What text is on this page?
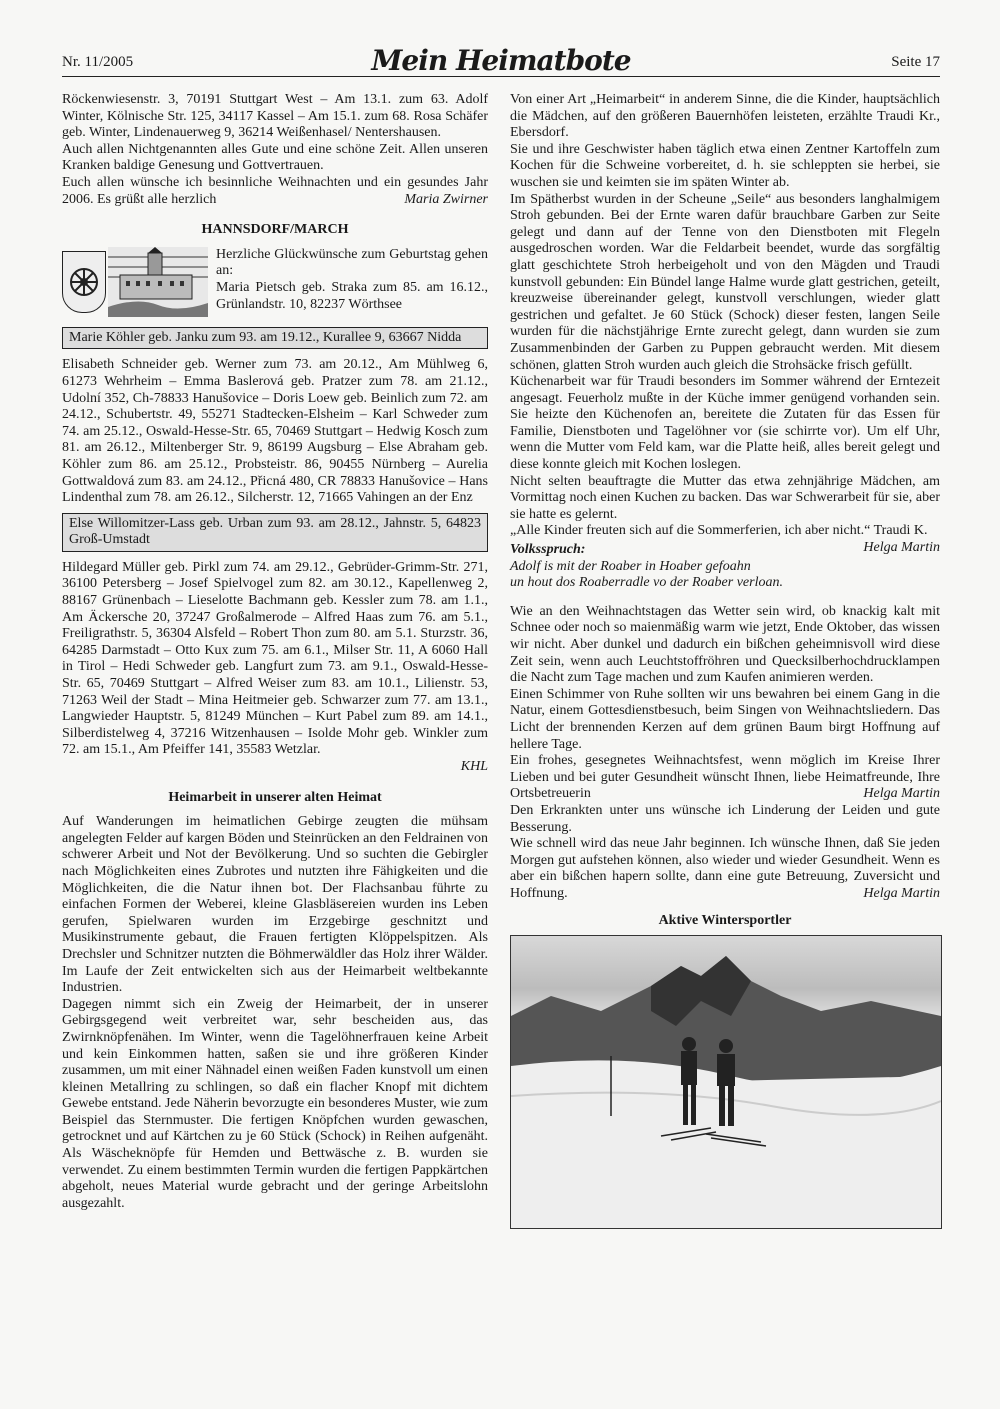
Nr. 11/2005	Mein Heimatbote	Seite 17

Röckenwiesenstr. 3, 70191 Stuttgart West – Am 13.1. zum 63. Adolf Winter, Kölnische Str. 125, 34117 Kassel – Am 15.1. zum 68. Rosa Schäfer geb. Winter, Lindenauerweg 9, 36214 Weißenhasel/ Nentershausen.

Auch allen Nichtgenannten alles Gute und eine schöne Zeit. Allen unseren Kranken baldige Genesung und Gottvertrauen.

Euch allen wünsche ich besinnliche Weihnachten und ein gesundes Jahr 2006. Es grüßt alle herzlich	Maria Zwirner

HANNSDORF/MARCH

Herzliche Glückwünsche zum Geburtstag gehen an:

Maria Pietsch geb. Straka zum 85. am 16.12., Grünlandstr. 10, 82237 Wörthsee

Marie Köhler geb. Janku zum 93. am 19.12., Kurallee 9, 63667 Nidda

Elisabeth Schneider geb. Werner zum 73. am 20.12., Am Mühlweg 6, 61273 Wehrheim – Emma Baslerová geb. Pratzer zum 78. am 21.12., Udolní 352, Ch-78833 Hanušovice – Doris Loew geb. Beinlich zum 72. am 24.12., Schubertstr. 49, 55271 Stadtecken-Elsheim – Karl Schweder zum 74. am 25.12., Oswald-Hesse-Str. 65, 70469 Stuttgart – Hedwig Kosch zum 81. am 26.12., Miltenberger Str. 9, 86199 Augsburg – Else Abraham geb. Köhler zum 86. am 25.12., Probsteistr. 86, 90455 Nürnberg – Aurelia Gottwaldová zum 83. am 24.12., Přicná 480, CR 78833 Hanušovice – Hans Lindenthal zum 78. am 26.12., Silcherstr. 12, 71665 Vahingen an der Enz

Else Willomitzer-Lass geb. Urban zum 93. am 28.12., Jahnstr. 5, 64823 Groß-Umstadt

Hildegard Müller geb. Pirkl zum 74. am 29.12., Gebrüder-Grimm-Str. 271, 36100 Petersberg – Josef Spielvogel zum 82. am 30.12., Kapellenweg 2, 88167 Grünenbach – Lieselotte Bachmann geb. Kessler zum 78. am 1.1., Am Äckersche 20, 37247 Großalmerode – Alfred Haas zum 76. am 5.1., Freiligrathstr. 5, 36304 Alsfeld – Robert Thon zum 80. am 5.1. Sturzstr. 36, 64285 Darmstadt – Otto Kux zum 75. am 6.1., Milser Str. 11, A 6060 Hall in Tirol – Hedi Schweder geb. Langfurt zum 73. am 9.1., Oswald-Hesse-Str. 65, 70469 Stuttgart – Alfred Weiser zum 83. am 10.1., Lilienstr. 53, 71263 Weil der Stadt – Mina Heitmeier geb. Schwarzer zum 77. am 13.1., Langwieder Hauptstr. 5, 81249 München – Kurt Pabel zum 89. am 14.1., Silberdistelweg 4, 37216 Witzenhausen – Isolde Mohr geb. Winkler zum 72. am 15.1., Am Pfeiffer 141, 35583 Wetzlar.

KHL

Heimarbeit in unserer alten Heimat

Auf Wanderungen im heimatlichen Gebirge zeugten die mühsam angelegten Felder auf kargen Böden und Steinrücken an den Feldrainen von schwerer Arbeit und Not der Bevölkerung. Und so suchten die Gebirgler nach Möglichkeiten eines Zubrotes und nutzten ihre Fähigkeiten und die Möglichkeiten, die die Natur ihnen bot. Der Flachsanbau führte zu einfachen Formen der Weberei, kleine Glasbläsereien wurden ins Leben gerufen, Spielwaren wurden im Erzgebirge geschnitzt und Musikinstrumente gebaut, die Frauen fertigten Klöppelspitzen. Als Drechsler und Schnitzer nutzten die Böhmerwäldler das Holz ihrer Wälder. Im Laufe der Zeit entwickelten sich aus der Heimarbeit weltbekannte Industrien.

Dagegen nimmt sich ein Zweig der Heimarbeit, der in unserer Gebirgsgegend weit verbreitet war, sehr bescheiden aus, das Zwirnknöpfenähen. Im Winter, wenn die Tagelöhnerfrauen keine Arbeit und kein Einkommen hatten, saßen sie und ihre größeren Kinder zusammen, um mit einer Nähnadel einen weißen Faden kunstvoll um einen kleinen Metallring zu schlingen, so daß ein flacher Knopf mit dichtem Gewebe entstand. Jede Näherin bevorzugte ein besonderes Muster, wie zum Beispiel das Sternmuster. Die fertigen Knöpfchen wurden gewaschen, getrocknet und auf Kärtchen zu je 60 Stück (Schock) in Reihen aufgenäht. Als Wäscheknöpfe für Hemden und Bettwäsche z. B. wurden sie verwendet. Zu einem bestimmten Termin wurden die fertigen Pappkärtchen abgeholt, neues Material wurde gebracht und der geringe Arbeitslohn ausgezahlt.

Von einer Art „Heimarbeit“ in anderem Sinne, die die Kinder, hauptsächlich die Mädchen, auf den größeren Bauernhöfen leisteten, erzählte Traudi Kr., Ebersdorf.

Sie und ihre Geschwister haben täglich etwa einen Zentner Kartoffeln zum Kochen für die Schweine vorbereitet, d. h. sie schleppten sie herbei, sie wuschen sie und keimten sie im späten Winter ab.

Im Spätherbst wurden in der Scheune „Seile“ aus besonders langhalmigem Stroh gebunden. Bei der Ernte waren dafür brauchbare Garben zur Seite gelegt und dann auf der Tenne von den Dienstboten mit Flegeln ausgedroschen worden. War die Feldarbeit beendet, wurde das sorgfältig glatt geschichtete Stroh herbeigeholt und von den Mägden und Traudi kunstvoll gebunden: Ein Bündel lange Halme wurde glatt gestrichen, geteilt, kreuzweise übereinander gelegt, kunstvoll verschlungen, wieder glatt gestrichen und gefaltet. Je 60 Stück (Schock) dieser festen, langen Seile wurden für die nächstjährige Ernte zurecht gelegt, dann wurden sie zum Zusammenbinden der Garben zu Puppen gebraucht werden. Mit diesem schönen, glatten Stroh wurden auch gleich die Strohsäcke frisch gefüllt.

Küchenarbeit war für Traudi besonders im Sommer während der Erntezeit angesagt. Feuerholz mußte in der Küche immer genügend vorhanden sein. Sie heizte den Küchenofen an, bereitete die Zutaten für das Essen für Familie, Dienstboten und Tagelöhner vor (sie schirrte vor). Um elf Uhr, wenn die Mutter vom Feld kam, war die Platte heiß, alles bereit gelegt und diese konnte gleich mit Kochen loslegen.

Nicht selten beauftragte die Mutter das etwa zehnjährige Mädchen, am Vormittag noch einen Kuchen zu backen. Das war Schwerarbeit für sie, aber sie hatte es gelernt.

„Alle Kinder freuten sich auf die Sommerferien, ich aber nicht.“ Traudi K.
Helga Martin

Volksspruch:

Adolf is mit der Roaber in Hoaber gefoahn

un hout dos Roaberradle vo der Roaber verloan.

Wie an den Weihnachtstagen das Wetter sein wird, ob knackig kalt mit Schnee oder noch so maienmäßig warm wie jetzt, Ende Oktober, das wissen wir nicht. Aber dunkel und dadurch ein bißchen geheimnisvoll wird diese Zeit sein, wenn auch Leuchtstoffröhren und Quecksilberhochdrucklampen die Nacht zum Tage machen und zum Kaufen animieren werden.

Einen Schimmer von Ruhe sollten wir uns bewahren bei einem Gang in die Natur, einem Gottesdienstbesuch, beim Singen von Weihnachtsliedern. Das Licht der brennenden Kerzen auf dem grünen Baum birgt Hoffnung auf hellere Tage.

Ein frohes, gesegnetes Weihnachtsfest, wenn möglich im Kreise Ihrer Lieben und bei guter Gesundheit wünscht Ihnen, liebe Heimatfreunde, Ihre Ortsbetreuerin	Helga Martin

Den Erkrankten unter uns wünsche ich Linderung der Leiden und gute Besserung.

Wie schnell wird das neue Jahr beginnen. Ich wünsche Ihnen, daß Sie jeden Morgen gut aufstehen können, also wieder und wieder Gesundheit. Wenn es aber ein bißchen hapern sollte, dann eine gute Betreuung, Zuversicht und Hoffnung.	Helga Martin

Aktive Wintersportler
